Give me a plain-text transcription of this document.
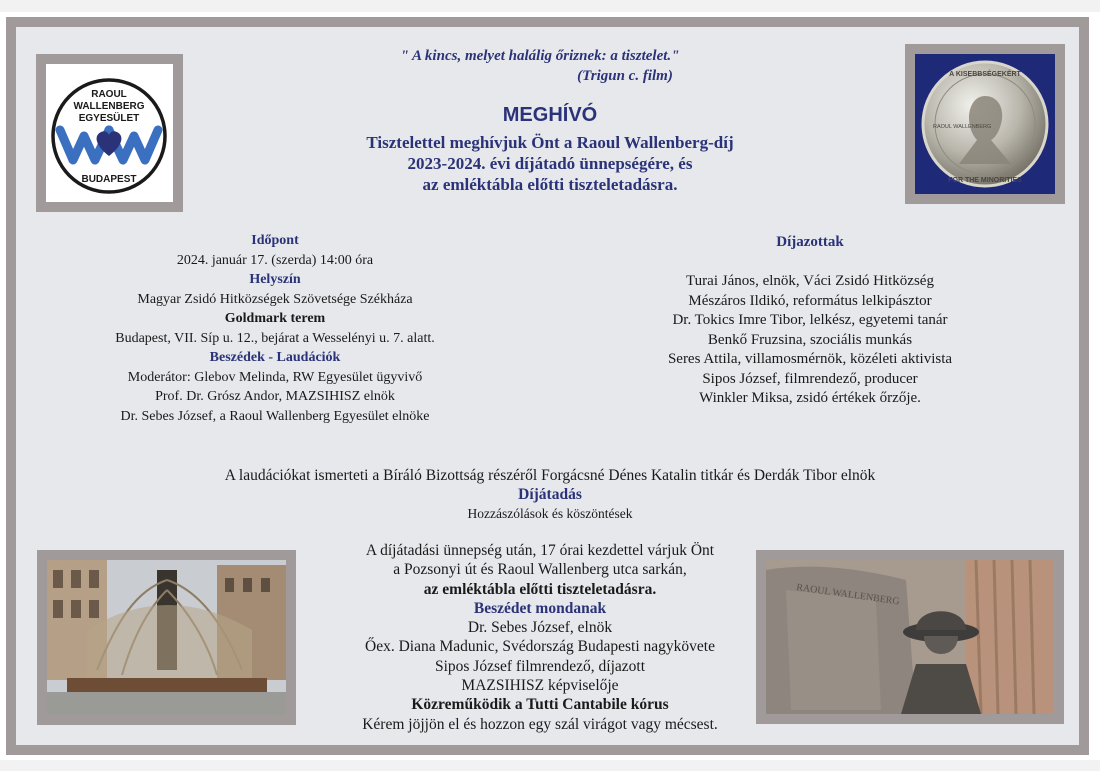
RAOUL
WALLENBERG
EGYESÜLET
BUDAPEST
A KISEBBSÉGEKÉRT
FOR THE MINORITIES
RAOUL WALLENBERG
" A kincs, melyet halálig őriznek: a tisztelet."
(Trigun c. film)
MEGHÍVÓ
Tisztelettel meghívjuk Önt a Raoul Wallenberg-díj
2023-2024. évi díjátadó ünnepségére, és
az emléktábla előtti tiszteletadásra.
Időpont
2024. január 17. (szerda) 14:00 óra
Helyszín
Magyar Zsidó Hitközségek Szövetsége Székháza
Goldmark terem
Budapest, VII. Síp u. 12., bejárat a Wesselényi u. 7. alatt.
Beszédek - Laudációk
Moderátor: Glebov Melinda, RW Egyesület ügyvivő
Prof. Dr. Grósz Andor, MAZSIHISZ elnök
Dr. Sebes József, a Raoul Wallenberg Egyesület elnöke
Díjazottak
Turai János, elnök, Váci Zsidó Hitközség
Mészáros Ildikó, református lelkipásztor
Dr. Tokics Imre Tibor, lelkész, egyetemi tanár
Benkő Fruzsina, szociális munkás
Seres Attila, villamosmérnök, közéleti aktivista
Sipos József, filmrendező, producer
Winkler Miksa, zsidó értékek őrzője.
A laudációkat ismerteti a Bíráló Bizottság részéről Forgácsné Dénes Katalin titkár és Derdák Tibor elnök
Díjátadás
Hozzászólások és köszöntések
RAOUL WALLENBERG
A díjátadási ünnepség után, 17 órai kezdettel várjuk Önt
a Pozsonyi út és Raoul Wallenberg utca sarkán,
az emléktábla előtti tiszteletadásra.
Beszédet mondanak
Dr. Sebes József, elnök
Őex. Diana Madunic, Svédország Budapesti nagykövete
Sipos József filmrendező, díjazott
MAZSIHISZ képviselője
Közreműködik a Tutti Cantabile kórus
Kérem jöjjön el és hozzon egy szál virágot vagy mécsest.
